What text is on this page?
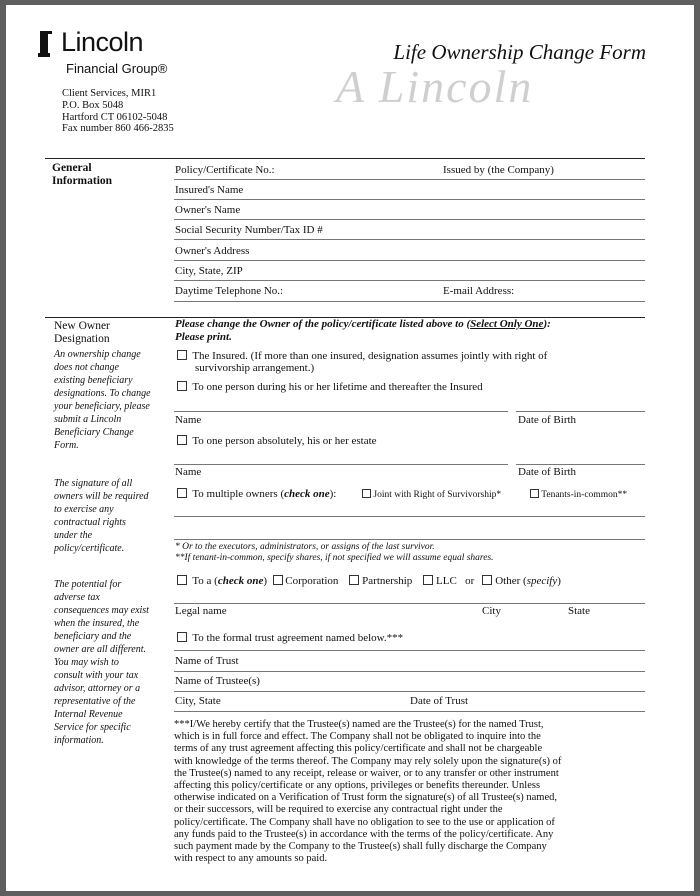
Lincoln
Financial Group®	A Lincoln
Life Ownership Change Form
Client Services, MIR1
P.O. Box 5048
Hartford CT 06102-5048
Fax number 860 466-2835
General
Information
Policy/Certificate No.:	Issued by (the Company)
Insured's Name
Owner's Name
Social Security Number/Tax ID #
Owner's Address
City, State, ZIP
Daytime Telephone No.:	E-mail Address:
New Owner
Designation
An ownership change
does not change
existing beneficiary
designations. To change
your beneficiary, please
submit a Lincoln
Beneficiary Change
Form.
The signature of all
owners will be required
to exercise any
contractual rights
under the
policy/certificate.
The potential for
adverse tax
consequences may exist
when the insured, the
beneficiary and the
owner are all different.
You may wish to
consult with your tax
advisor, attorney or a
representative of the
Internal Revenue
Service for specific
information.
Please change the Owner of the policy/certificate listed above to (Select Only One):
Please print.
The Insured. (If more than one insured, designation assumes jointly with right of
survivorship arrangement.)
To one person during his or her lifetime and thereafter the Insured
Name	Date of Birth
To one person absolutely, his or her estate
Name	Date of Birth
To multiple owners (check one):	Joint with Right of Survivorship*	Tenants-in-common**
* Or to the executors, administrators, or assigns of the last survivor.
**If tenant-in-common, specify shares, if not specified we will assume equal shares.
To a (check one) Corporation Partnership LLC or Other (specify)
Legal name	City	State
To the formal trust agreement named below.***
Name of Trust
Name of Trustee(s)
City, State	Date of Trust
***I/We hereby certify that the Trustee(s) named are the Trustee(s) for the named Trust,
which is in full force and effect. The Company shall not be obligated to inquire into the
terms of any trust agreement affecting this policy/certificate and shall not be chargeable
with knowledge of the terms thereof. The Company may rely solely upon the signature(s) of
the Trustee(s) named to any receipt, release or waiver, or to any transfer or other instrument
affecting this policy/certificate or any options, privileges or benefits thereunder. Unless
otherwise indicated on a Verification of Trust form the signature(s) of all Trustee(s) named,
or their successors, will be required to exercise any contractual right under the
policy/certificate. The Company shall have no obligation to see to the use or application of
any funds paid to the Trustee(s) in accordance with the terms of the policy/certificate. Any
such payment made by the Company to the Trustee(s) shall fully discharge the Company
with respect to any amounts so paid.
